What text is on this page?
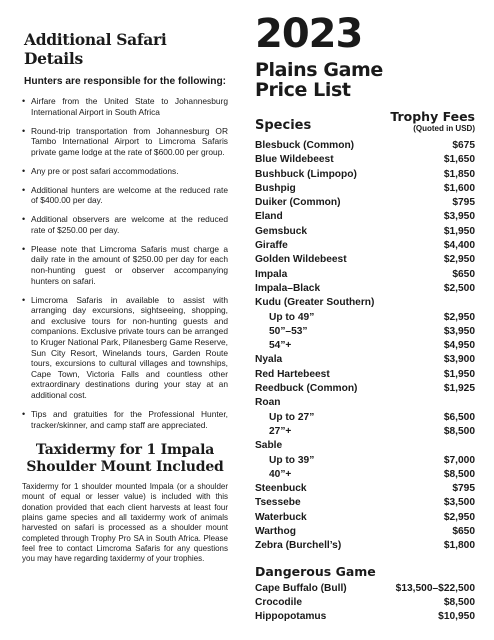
Additional Safari Details

Hunters are responsible for the following:

• Airfare from the United State to Johannesburg International Airport in South Africa
• Round-trip transportation from Johannesburg OR Tambo International Airport to Limcroma Safaris private game lodge at the rate of $600.00 per group.
• Any pre or post safari accommodations.
• Additional hunters are welcome at the reduced rate of $400.00 per day.
• Additional observers are welcome at the reduced rate of $250.00 per day.
• Please note that Limcroma Safaris must charge a daily rate in the amount of $250.00 per day for each non-hunting guest or observer accompanying hunters on safari.
• Limcroma Safaris in available to assist with arranging day excursions, sightseeing, shopping, and exclusive tours for non-hunting guests and companions. Exclusive private tours can be arranged to Kruger National Park, Pilanesberg Game Reserve, Sun City Resort, Winelands tours, Garden Route tours, excursions to cultural villages and townships, Cape Town, Victoria Falls and countless other extraordinary destinations during your stay at an additional cost.
• Tips and gratuities for the Professional Hunter, tracker/skinner, and camp staff are appreciated.
Taxidermy for 1 Impala Shoulder Mount Included

Taxidermy for 1 shoulder mounted Impala (or a shoulder mount of equal or lesser value) is included with this donation provided that each client harvests at least four plains game species and all taxidermy work of animals harvested on safari is processed as a shoulder mount completed through Trophy Pro SA in South Africa. Please feel free to contact Limcroma Safaris for any questions you may have regarding taxidermy of your trophies.

2023
Plains Game
Price List
Species
Trophy Fees
(Quoted in USD)
Blesbuck (Common)	$675
Blue Wildebeest	$1,650
Bushbuck (Limpopo)	$1,850
Bushpig	$1,600
Duiker (Common)	$795
Eland	$3,950
Gemsbuck	$1,950
Giraffe	$4,400
Golden Wildebeest	$2,950
Impala	$650
Impala–Black	$2,500
Kudu (Greater Southern)
Up to 49”	$2,950
50”–53”	$3,950
54”+	$4,950
Nyala	$3,900
Red Hartebeest	$1,950
Reedbuck (Common)	$1,925
Roan
Up to 27”	$6,500
27”+	$8,500
Sable
Up to 39”	$7,000
40”+	$8,500
Steenbuck	$795
Tsessebe	$3,500
Waterbuck	$2,950
Warthog	$650
Zebra (Burchell’s)	$1,800
Dangerous Game
Cape Buffalo (Bull)	$13,500–$22,500
Crocodile	$8,500
Hippopotamus	$10,950
